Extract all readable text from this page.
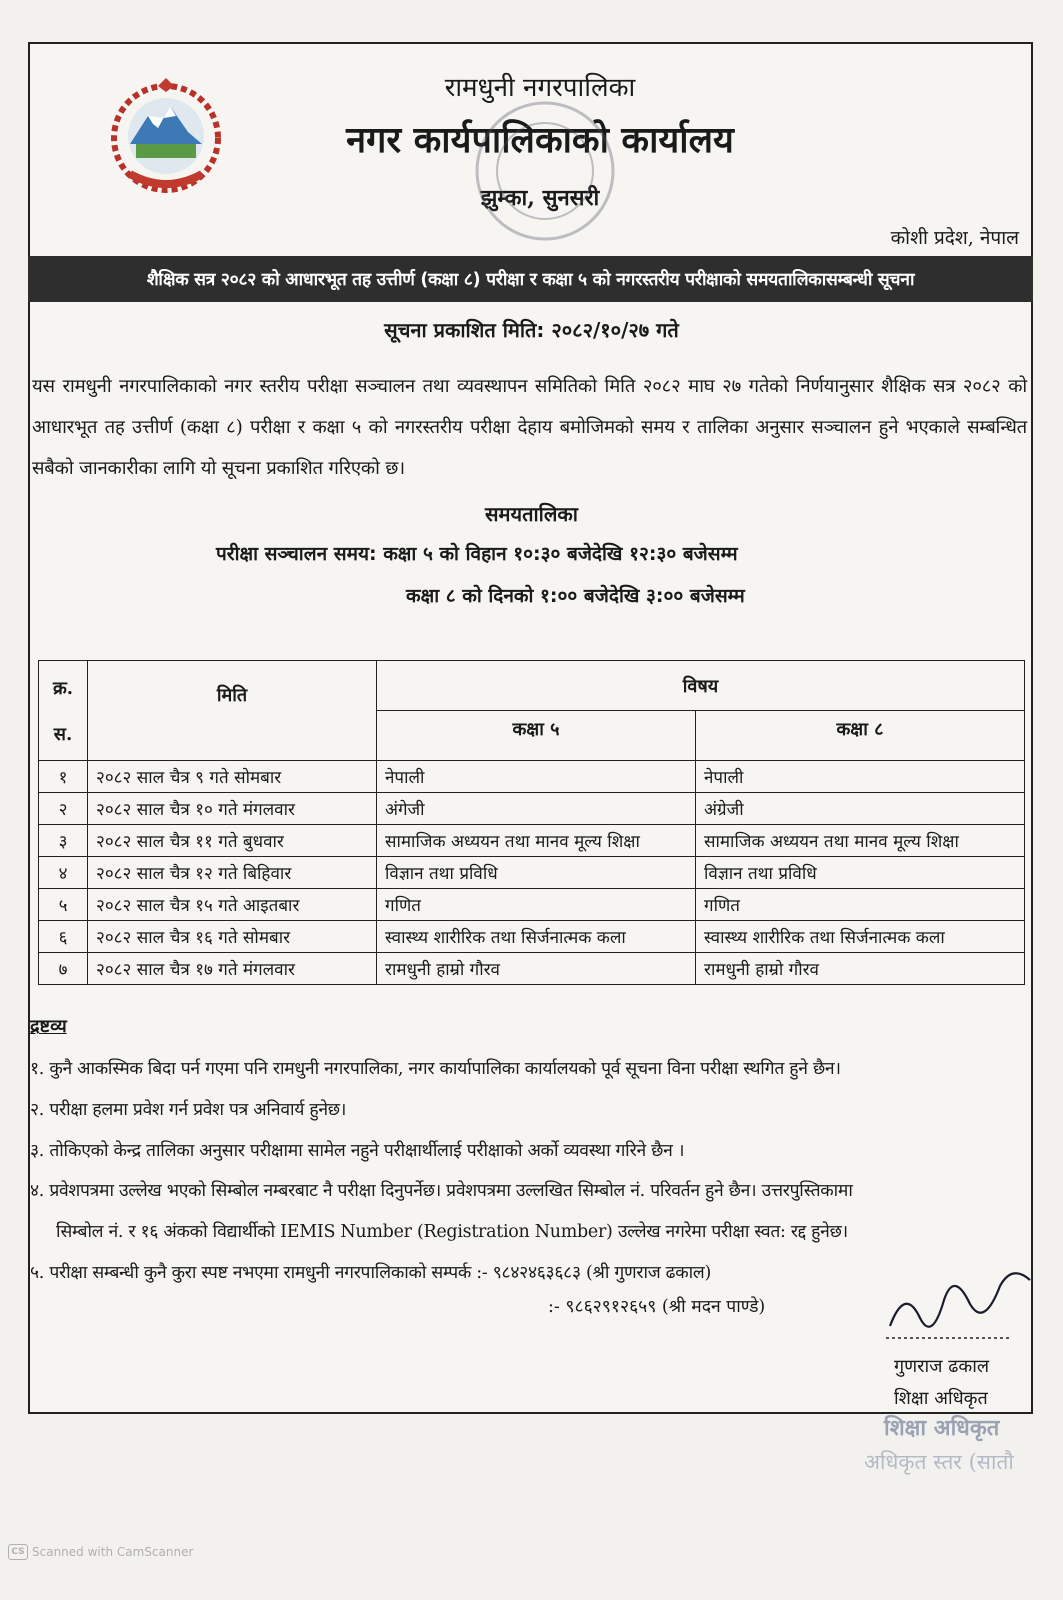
रामधुनी नगरपालिका
नगर कार्यपालिकाको कार्यालय
झुम्का, सुनसरी
कोशी प्रदेश, नेपाल
शैक्षिक सत्र २०८२ को आधारभूत तह उत्तीर्ण (कक्षा ८) परीक्षा र कक्षा ५ को नगरस्तरीय परीक्षाको समयतालिकासम्बन्धी सूचना
सूचना प्रकाशित मिति: २०८२/१०/२७ गते
यस रामधुनी नगरपालिकाको नगर स्तरीय परीक्षा सञ्चालन तथा व्यवस्थापन समितिको मिति २०८२ माघ २७ गतेको निर्णयानुसार शैक्षिक सत्र २०८२ को आधारभूत तह उत्तीर्ण (कक्षा ८) परीक्षा र कक्षा ५ को नगरस्तरीय परीक्षा देहाय बमोजिमको समय र तालिका अनुसार सञ्चालन हुने भएकाले सम्बन्धित सबैको जानकारीका लागि यो सूचना प्रकाशित गरिएको छ।
समयतालिका
परीक्षा सञ्चालन समय: कक्षा ५ को विहान १०:३० बजेदेखि १२:३० बजेसम्म
कक्षा ८ को दिनको १:०० बजेदेखि ३:०० बजेसम्म
क्र.
स.	मिति	विषय	
		कक्षा ५	कक्षा ८
१	२०८२ साल चैत्र ९ गते सोमबार	नेपाली	नेपाली
२	२०८२ साल चैत्र १० गते मंगलवार	अंगेजी	अंग्रेजी
३	२०८२ साल चैत्र ११ गते बुधवार	सामाजिक अध्ययन तथा मानव मूल्य शिक्षा	सामाजिक अध्ययन तथा मानव मूल्य शिक्षा
४	२०८२ साल चैत्र १२ गते बिहिवार	विज्ञान तथा प्रविधि	विज्ञान तथा प्रविधि
५	२०८२ साल चैत्र १५ गते आइतबार	गणित	गणित
६	२०८२ साल चैत्र १६ गते सोमबार	स्वास्थ्य शारीरिक तथा सिर्जनात्मक कला	स्वास्थ्य शारीरिक तथा सिर्जनात्मक कला
७	२०८२ साल चैत्र १७ गते मंगलवार	रामधुनी हाम्रो गौरव	रामधुनी हाम्रो गौरव
द्रष्टव्य
१. कुनै आकस्मिक बिदा पर्न गएमा पनि रामधुनी नगरपालिका, नगर कार्यापालिका कार्यालयको पूर्व सूचना विना परीक्षा स्थगित हुने छैन।
२. परीक्षा हलमा प्रवेश गर्न प्रवेश पत्र अनिवार्य हुनेछ।
३. तोकिएको केन्द्र तालिका अनुसार परीक्षामा सामेल नहुने परीक्षार्थीलाई परीक्षाको अर्को व्यवस्था गरिने छैन ।
४. प्रवेशपत्रमा उल्लेख भएको सिम्बोल नम्बरबाट नै परीक्षा दिनुपर्नेछ। प्रवेशपत्रमा उल्लखित सिम्बोल नं. परिवर्तन हुने छैन। उत्तरपुस्तिकामा
सिम्बोल नं. र १६ अंकको विद्यार्थीको IEMIS Number (Registration Number) उल्लेख नगरेमा परीक्षा स्वत: रद्द हुनेछ।
५. परीक्षा सम्बन्धी कुनै कुरा स्पष्ट नभएमा रामधुनी नगरपालिकाको सम्पर्क :- ९८४२४६३६८३ (श्री गुणराज ढकाल)
:- ९८६२९१२६५९ (श्री मदन पाण्डे)
गुणराज ढकाल
शिक्षा अधिकृत
शिक्षा अधिकृत
अधिकृत स्तर (सातौ
CS Scanned with CamScanner
